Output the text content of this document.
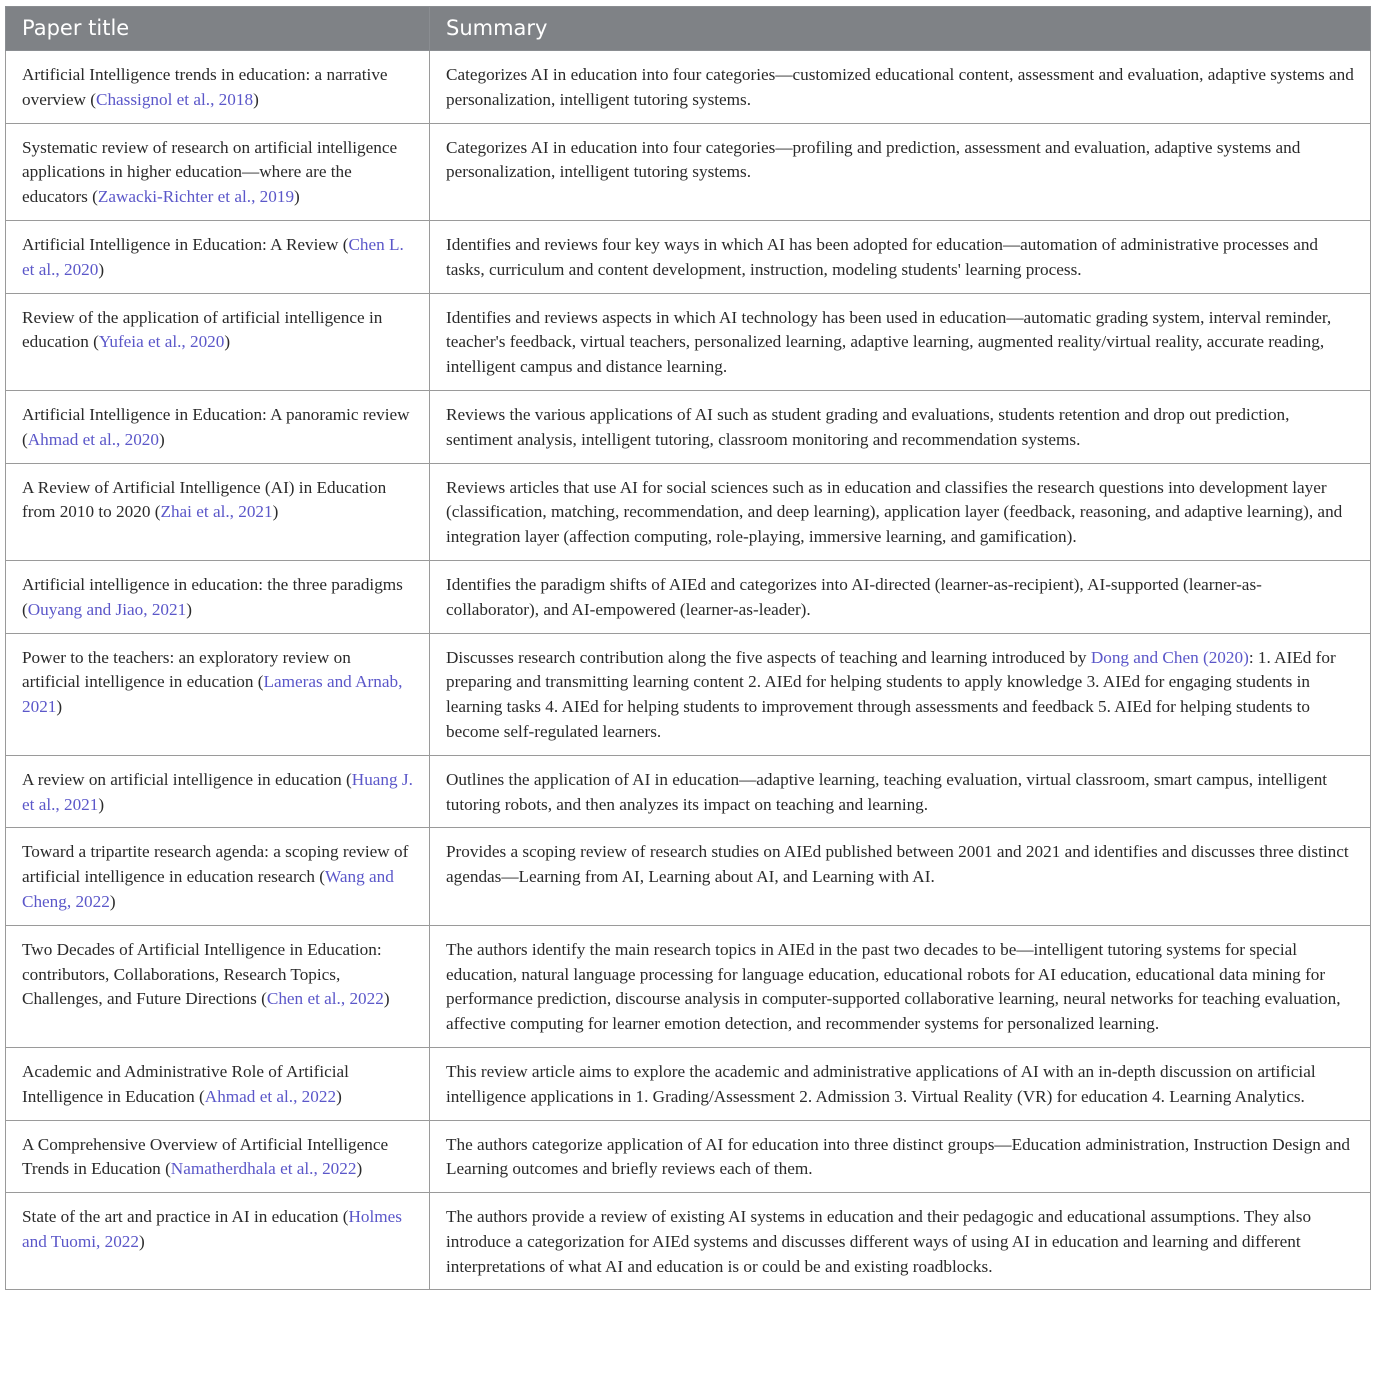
Paper title	Summary

Artificial Intelligence trends in education: a narrative overview (Chassignol et al., 2018)	Categorizes AI in education into four categories—customized educational content, assessment and evaluation, adaptive systems and personalization, intelligent tutoring systems.

Systematic review of research on artificial intelligence applications in higher education—where are the educators (Zawacki-Richter et al., 2019)	Categorizes AI in education into four categories—profiling and prediction, assessment and evaluation, adaptive systems and personalization, intelligent tutoring systems.

Artificial Intelligence in Education: A Review (Chen L. et al., 2020)	Identifies and reviews four key ways in which AI has been adopted for education—automation of administrative processes and tasks, curriculum and content development, instruction, modeling students' learning process.

Review of the application of artificial intelligence in education (Yufeia et al., 2020)	Identifies and reviews aspects in which AI technology has been used in education—automatic grading system, interval reminder, teacher's feedback, virtual teachers, personalized learning, adaptive learning, augmented reality/virtual reality, accurate reading, intelligent campus and distance learning.

Artificial Intelligence in Education: A panoramic review (Ahmad et al., 2020)	Reviews the various applications of AI such as student grading and evaluations, students retention and drop out prediction, sentiment analysis, intelligent tutoring, classroom monitoring and recommendation systems.

A Review of Artificial Intelligence (AI) in Education from 2010 to 2020 (Zhai et al., 2021)	Reviews articles that use AI for social sciences such as in education and classifies the research questions into development layer (classification, matching, recommendation, and deep learning), application layer (feedback, reasoning, and adaptive learning), and integration layer (affection computing, role-playing, immersive learning, and gamification).

Artificial intelligence in education: the three paradigms (Ouyang and Jiao, 2021)	Identifies the paradigm shifts of AIEd and categorizes into AI-directed (learner-as-recipient), AI-supported (learner-as-collaborator), and AI-empowered (learner-as-leader).

Power to the teachers: an exploratory review on artificial intelligence in education (Lameras and Arnab, 2021)	Discusses research contribution along the five aspects of teaching and learning introduced by Dong and Chen (2020): 1. AIEd for preparing and transmitting learning content 2. AIEd for helping students to apply knowledge 3. AIEd for engaging students in learning tasks 4. AIEd for helping students to improvement through assessments and feedback 5. AIEd for helping students to become self-regulated learners.

A review on artificial intelligence in education (Huang J. et al., 2021)	Outlines the application of AI in education—adaptive learning, teaching evaluation, virtual classroom, smart campus, intelligent tutoring robots, and then analyzes its impact on teaching and learning.

Toward a tripartite research agenda: a scoping review of artificial intelligence in education research (Wang and Cheng, 2022)	Provides a scoping review of research studies on AIEd published between 2001 and 2021 and identifies and discusses three distinct agendas—Learning from AI, Learning about AI, and Learning with AI.

Two Decades of Artificial Intelligence in Education: contributors, Collaborations, Research Topics, Challenges, and Future Directions (Chen et al., 2022)	The authors identify the main research topics in AIEd in the past two decades to be—intelligent tutoring systems for special education, natural language processing for language education, educational robots for AI education, educational data mining for performance prediction, discourse analysis in computer-supported collaborative learning, neural networks for teaching evaluation, affective computing for learner emotion detection, and recommender systems for personalized learning.

Academic and Administrative Role of Artificial Intelligence in Education (Ahmad et al., 2022)	This review article aims to explore the academic and administrative applications of AI with an in-depth discussion on artificial intelligence applications in 1. Grading/Assessment 2. Admission 3. Virtual Reality (VR) for education 4. Learning Analytics.

A Comprehensive Overview of Artificial Intelligence Trends in Education (Namatherdhala et al., 2022)	The authors categorize application of AI for education into three distinct groups—Education administration, Instruction Design and Learning outcomes and briefly reviews each of them.

State of the art and practice in AI in education (Holmes and Tuomi, 2022)	The authors provide a review of existing AI systems in education and their pedagogic and educational assumptions. They also introduce a categorization for AIEd systems and discusses different ways of using AI in education and learning and different interpretations of what AI and education is or could be and existing roadblocks.
